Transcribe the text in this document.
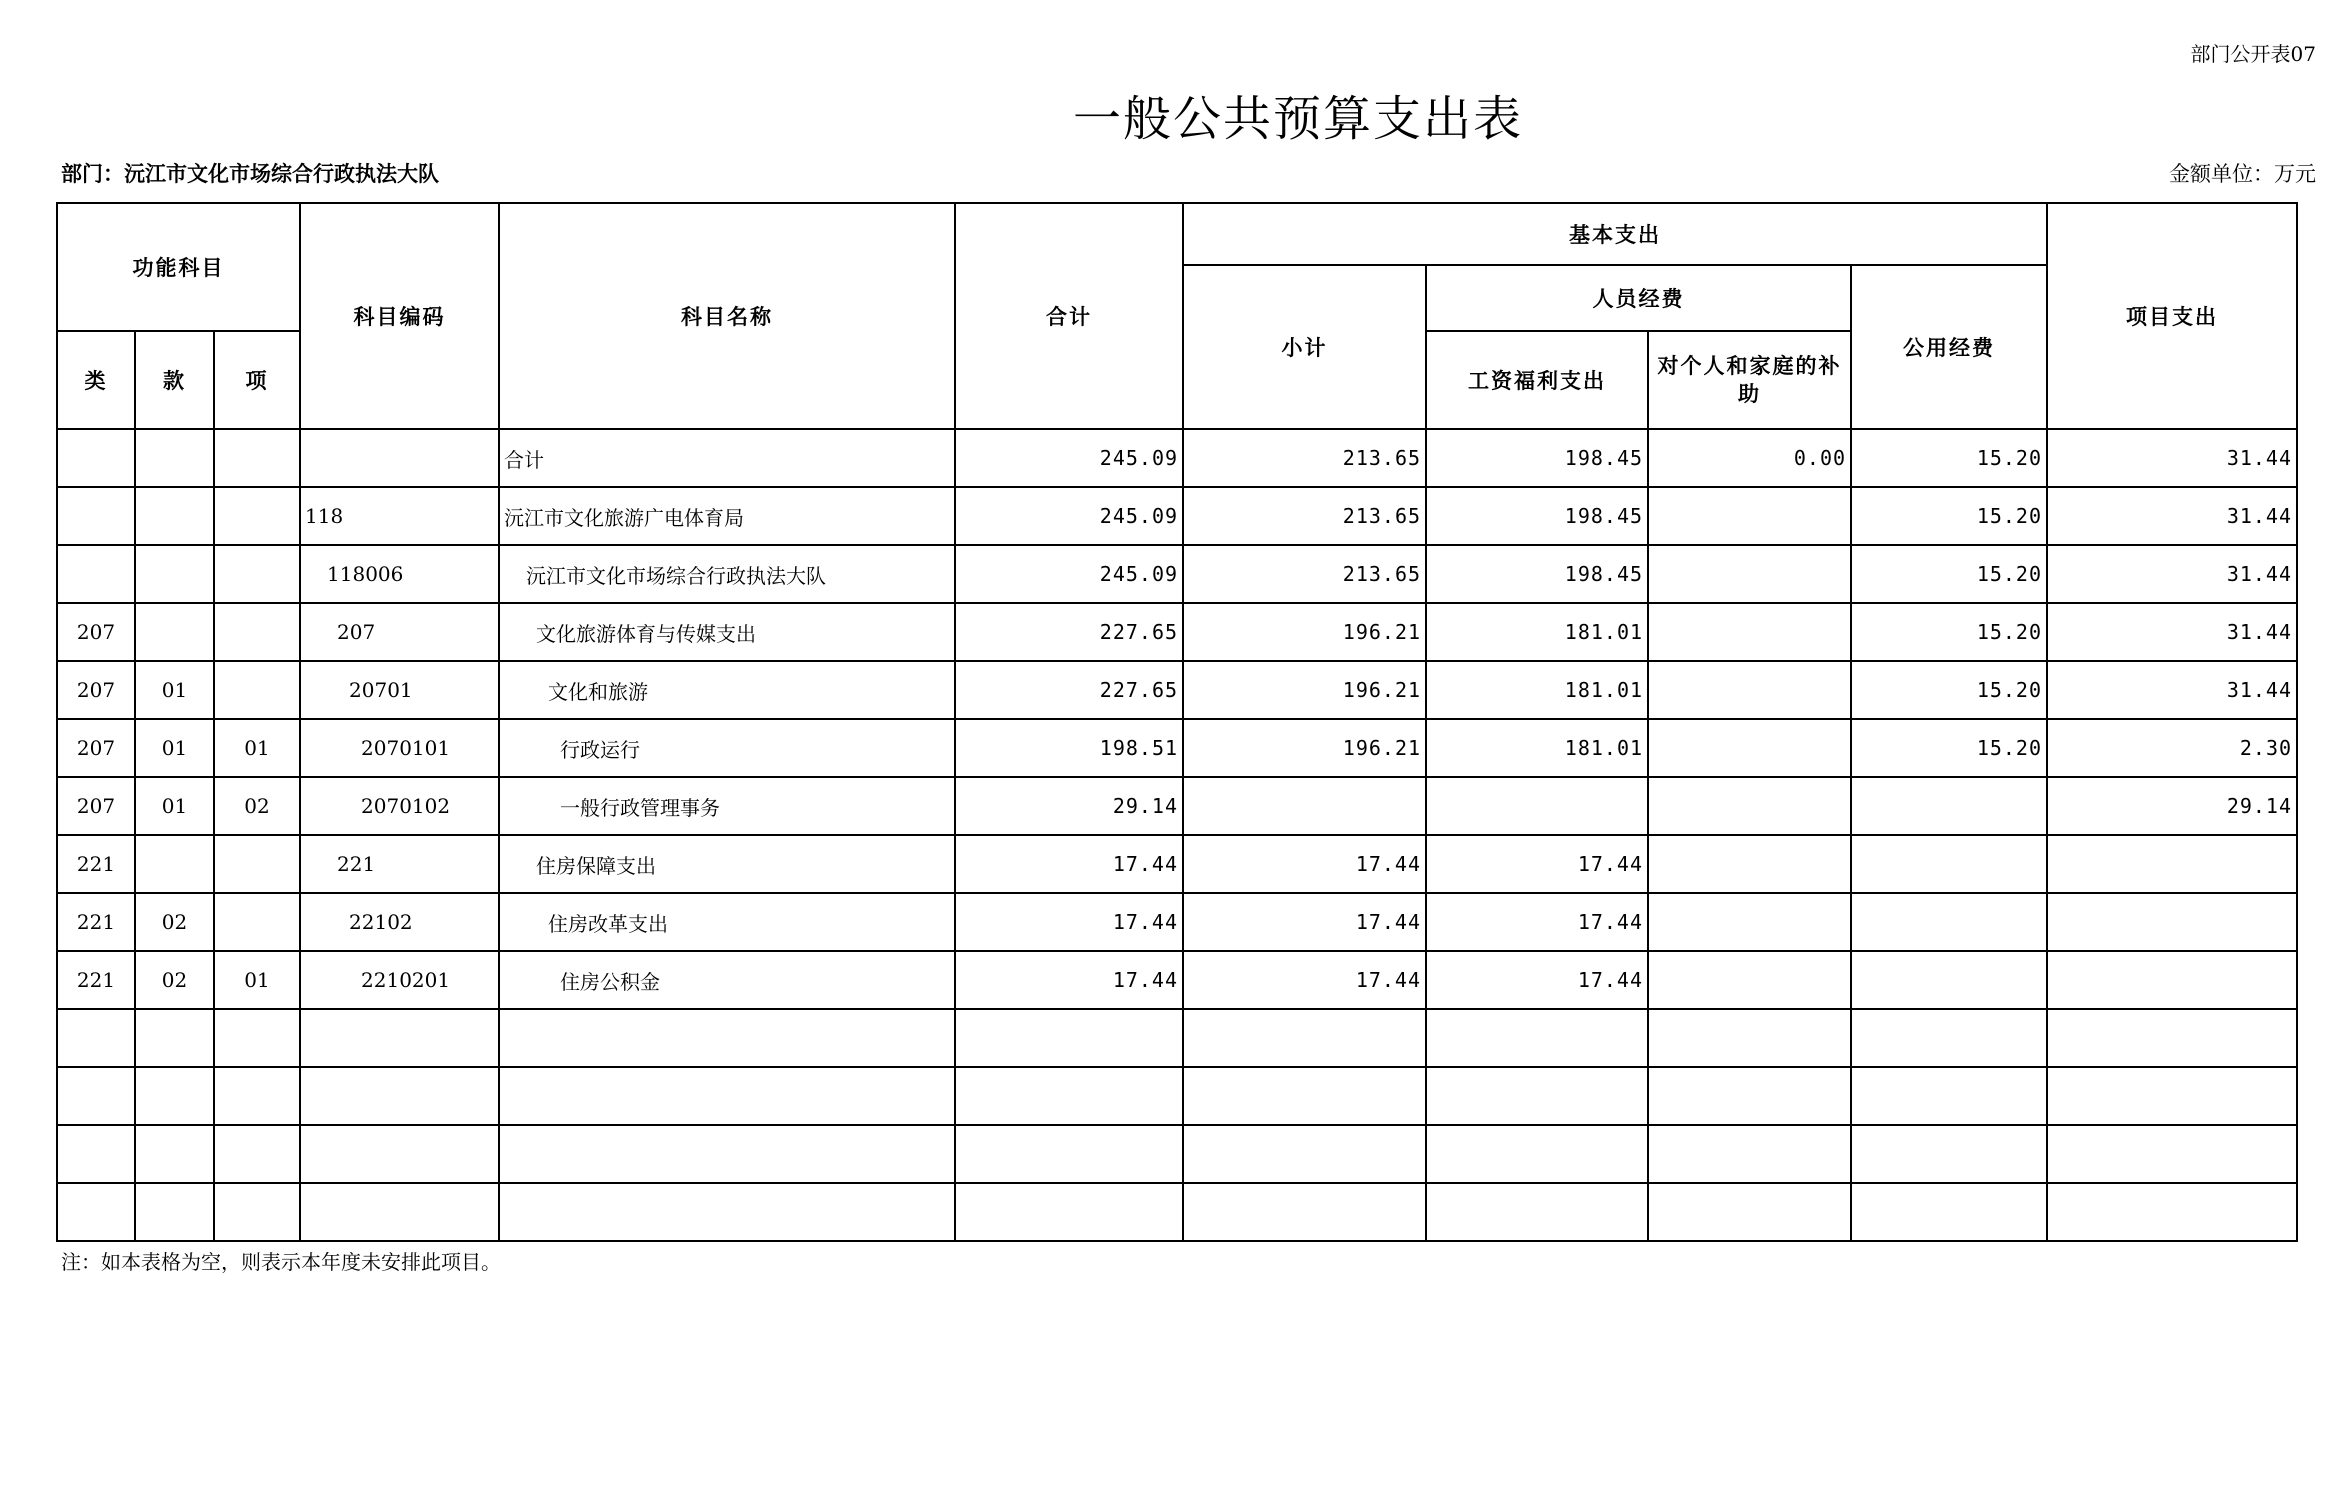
部门公开表07
一般公共预算支出表
部门：沅江市文化市场综合行政执法大队	金额单位：万元
功能科目			科目编码	科目名称	合计	基本支出				项目支出
						小计	人员经费		公用经费	
类	款	项					工资福利支出	对个人和家庭的补助		
				合计	245.09	213.65	198.45	0.00	15.20	31.44
			118	沅江市文化旅游广电体育局	245.09	213.65	198.45		15.20	31.44
			118006	沅江市文化市场综合行政执法大队	245.09	213.65	198.45		15.20	31.44
207			207	文化旅游体育与传媒支出	227.65	196.21	181.01		15.20	31.44
207	01		20701	文化和旅游	227.65	196.21	181.01		15.20	31.44
207	01	01	2070101	行政运行	198.51	196.21	181.01		15.20	2.30
207	01	02	2070102	一般行政管理事务	29.14					29.14
221			221	住房保障支出	17.44	17.44	17.44			
221	02		22102	住房改革支出	17.44	17.44	17.44			
221	02	01	2210201	住房公积金	17.44	17.44	17.44			

注：如本表格为空，则表示本年度未安排此项目。
